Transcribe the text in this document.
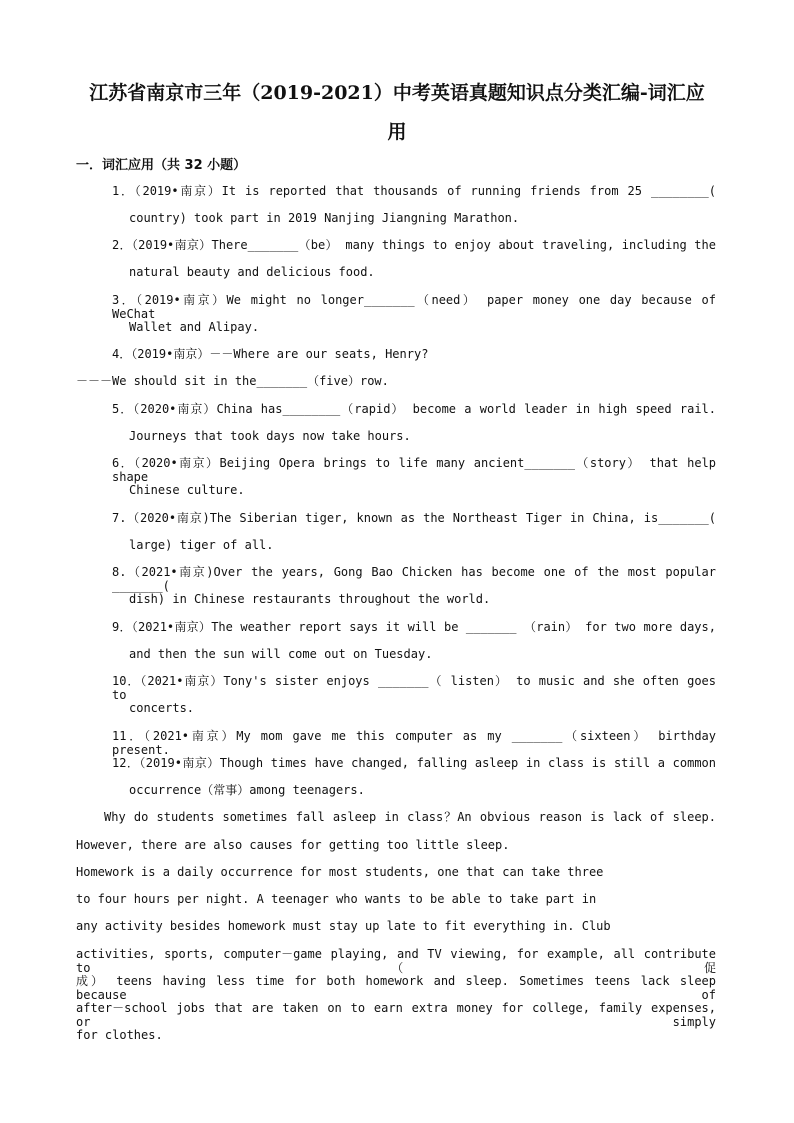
江苏省南京市三年（2019-2021）中考英语真题知识点分类汇编-词汇应
用
一．词汇应用（共 32 小题）
1．（2019•南京）It is reported that thousands of running friends from 25 ________(
country) took part in 2019 Nanjing Jiangning Marathon.
2．（2019•南京）There_______（be） many things to enjoy about traveling, including the
natural beauty and delicious food.
3．（2019•南京）We might no longer_______（need） paper money one day because of WeChat
Wallet and Alipay.
4．（2019•南京）－－Where are our seats, Henry?
－－－We should sit in the_______（five）row.
5．（2020•南京）China has________（rapid） become a world leader in high speed rail.
Journeys that took days now take hours.
6．（2020•南京）Beijing Opera brings to life many ancient_______（story） that help shape
Chinese culture.
7.（2020•南京)The Siberian tiger, known as the Northeast Tiger in China, is_______(
large) tiger of all.
8.（2021•南京)Over the years, Gong Bao Chicken has become one of the most popular _______(
dish) in Chinese restaurants throughout the world.
9．（2021•南京）The weather report says it will be _______ （rain） for two more days,
and then the sun will come out on Tuesday.
10．（2021•南京）Tony's sister enjoys _______（ listen） to music and she often goes to
concerts.
11．（2021•南京）My mom gave me this computer as my _______（sixteen） birthday present.
12．（2019•南京）Though times have changed, falling asleep in class is still a common
occurrence（常事）among teenagers.
Why do students sometimes fall asleep in class？An obvious reason is lack of sleep.
However, there are also causes for getting too little sleep.
Homework is a daily occurrence for most students, one that can take three
to four hours per night. A teenager who wants to be able to take part in
any activity besides homework must stay up late to fit everything in. Club
activities, sports, computer－game playing, and TV viewing, for example, all contribute to（促
成） teens having less time for both homework and sleep. Sometimes teens lack sleep because of
after－school jobs that are taken on to earn extra money for college, family expenses, or simply
for clothes.
